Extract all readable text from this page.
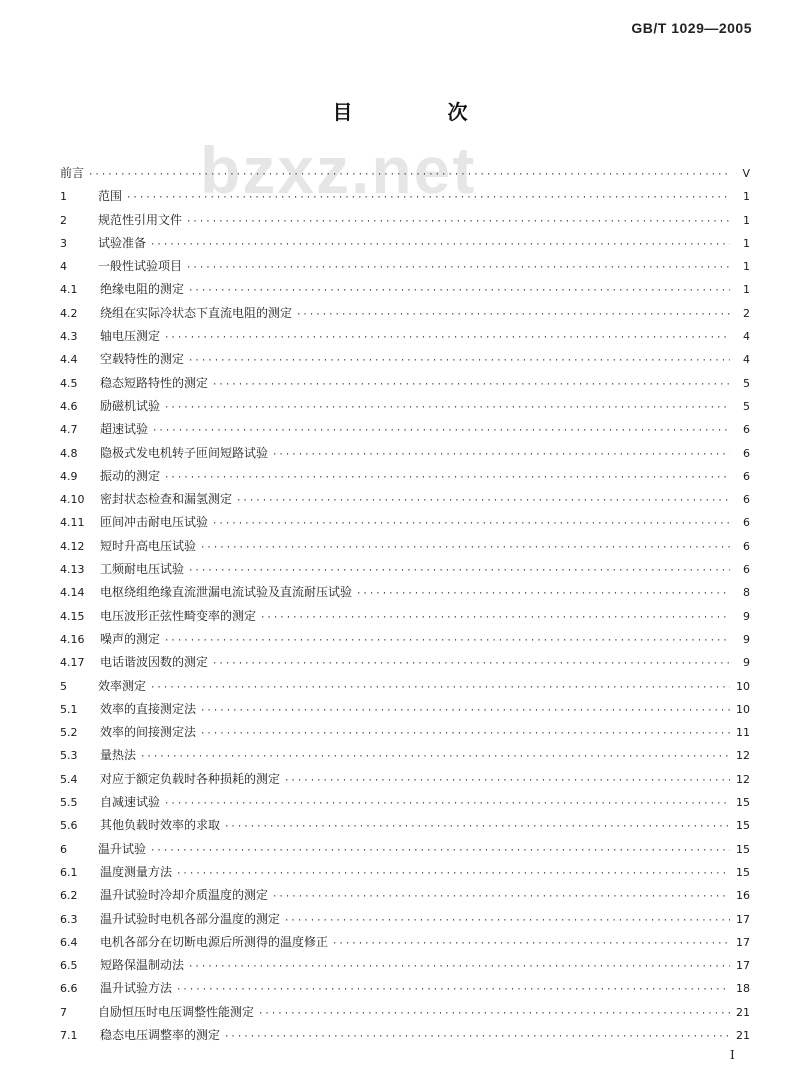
GB/T 1029—2005
bzxz.net
目 次
前言 ·····	V
1	范围 ·····	1
2	规范性引用文件 ·····	1
3	试验准备 ·····	1
4	一般性试验项目 ·····	1
4.1	绝缘电阻的测定 ·····	1
4.2	绕组在实际冷状态下直流电阻的测定 ·····	2
4.3	轴电压测定 ·····	4
4.4	空载特性的测定 ·····	4
4.5	稳态短路特性的测定 ·····	5
4.6	励磁机试验 ·····	5
4.7	超速试验 ·····	6
4.8	隐极式发电机转子匝间短路试验 ·····	6
4.9	振动的测定 ·····	6
4.10	密封状态检查和漏氢测定 ·····	6
4.11	匝间冲击耐电压试验 ·····	6
4.12	短时升高电压试验 ·····	6
4.13	工频耐电压试验 ·····	6
4.14	电枢绕组绝缘直流泄漏电流试验及直流耐压试验 ·····	8
4.15	电压波形正弦性畸变率的测定 ·····	9
4.16	噪声的测定 ·····	9
4.17	电话谐波因数的测定 ·····	9
5	效率测定 ·····	10
5.1	效率的直接测定法 ·····	10
5.2	效率的间接测定法 ·····	11
5.3	量热法 ·····	12
5.4	对应于额定负载时各种损耗的测定 ·····	12
5.5	自减速试验 ·····	15
5.6	其他负载时效率的求取 ·····	15
6	温升试验 ·····	15
6.1	温度测量方法 ·····	15
6.2	温升试验时冷却介质温度的测定 ·····	16
6.3	温升试验时电机各部分温度的测定 ·····	17
6.4	电机各部分在切断电源后所测得的温度修正 ·····	17
6.5	短路保温制动法 ·····	17
6.6	温升试验方法 ·····	18
7	自励恒压时电压调整性能测定 ·····	21
7.1	稳态电压调整率的测定 ·····	21
I
